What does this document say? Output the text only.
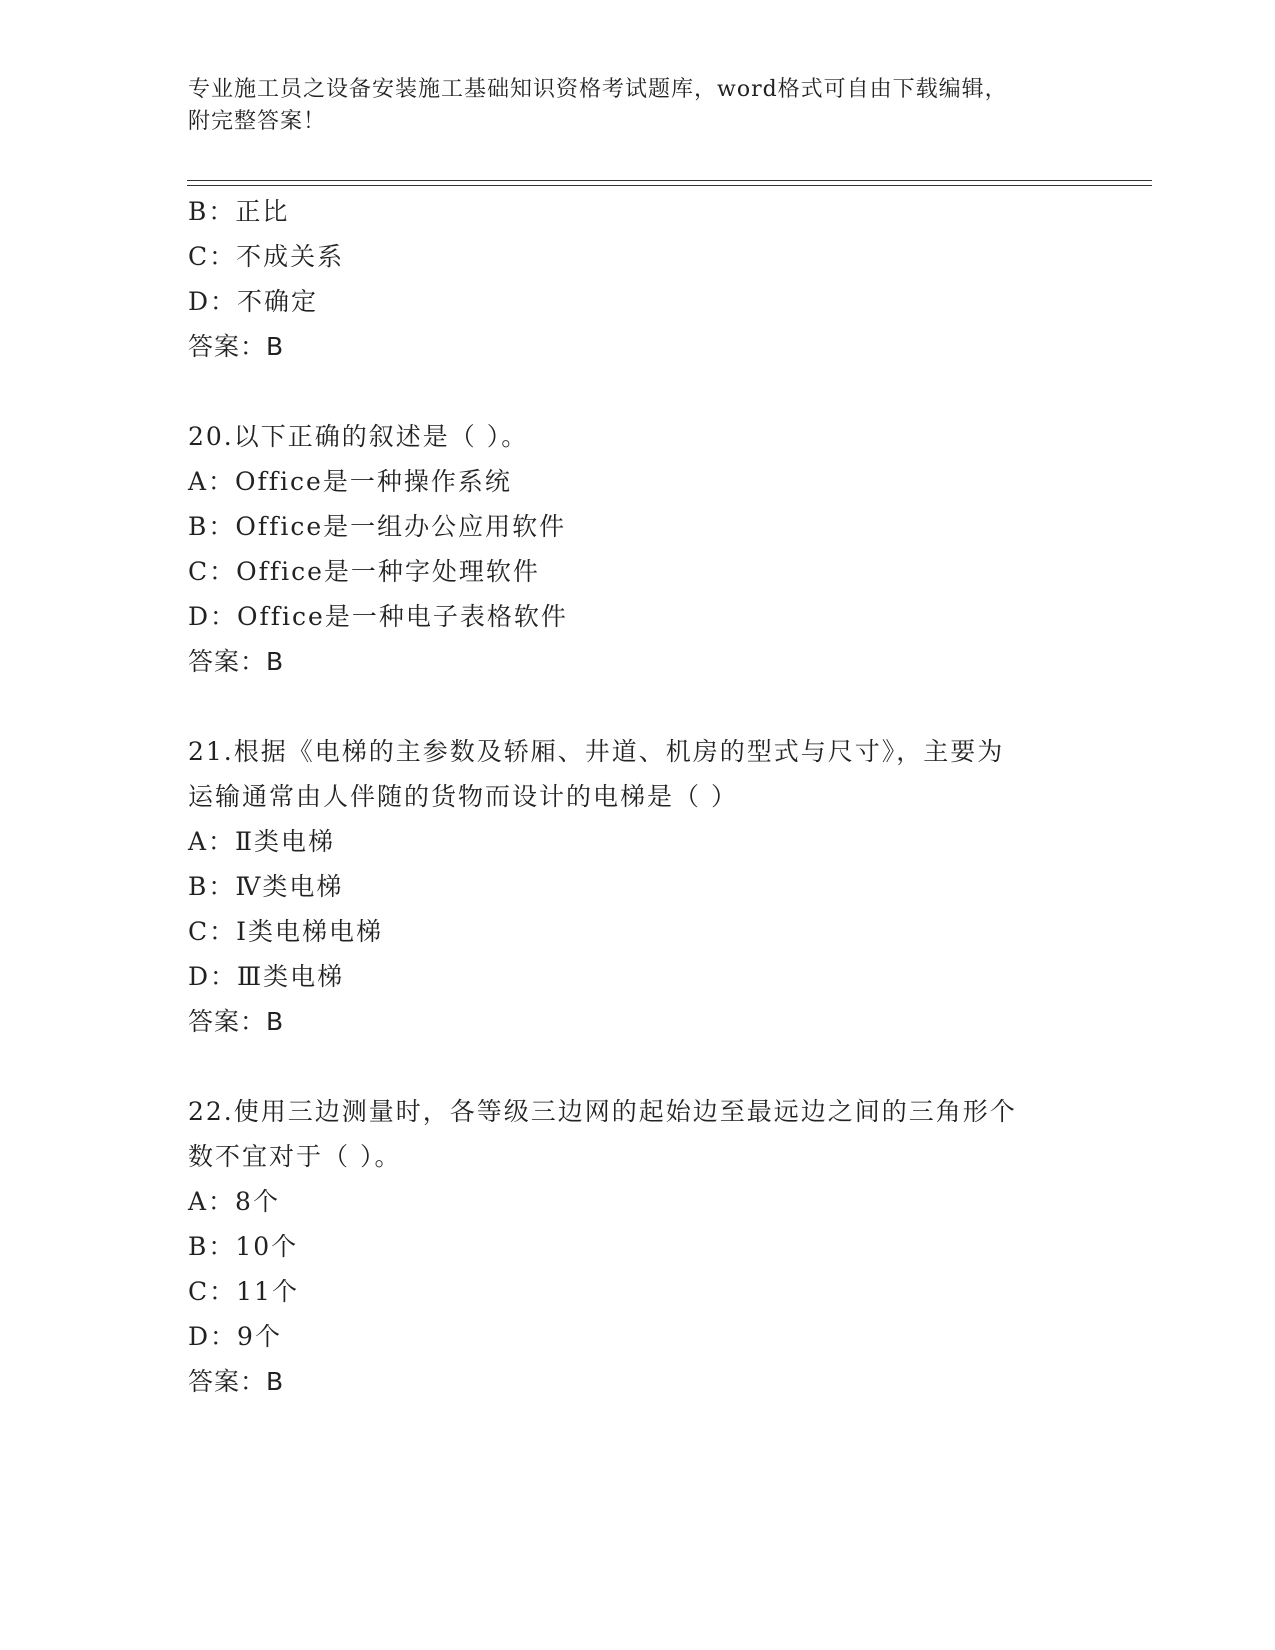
专业施工员之设备安装施工基础知识资格考试题库，word格式可自由下载编辑，
附完整答案！
B：正比
C：不成关系
D：不确定
答案：B
20.以下正确的叙述是（ ）。
A：Office是一种操作系统
B：Office是一组办公应用软件
C：Office是一种字处理软件
D：Office是一种电子表格软件
答案：B
21.根据《电梯的主参数及轿厢、井道、机房的型式与尺寸》，主要为
运输通常由人伴随的货物而设计的电梯是（ ）
A：Ⅱ类电梯
B：Ⅳ类电梯
C：Ⅰ类电梯电梯
D：Ⅲ类电梯
答案：B
22.使用三边测量时，各等级三边网的起始边至最远边之间的三角形个
数不宜对于（ ）。
A：8个
B：10个
C：11个
D：9个
答案：B
